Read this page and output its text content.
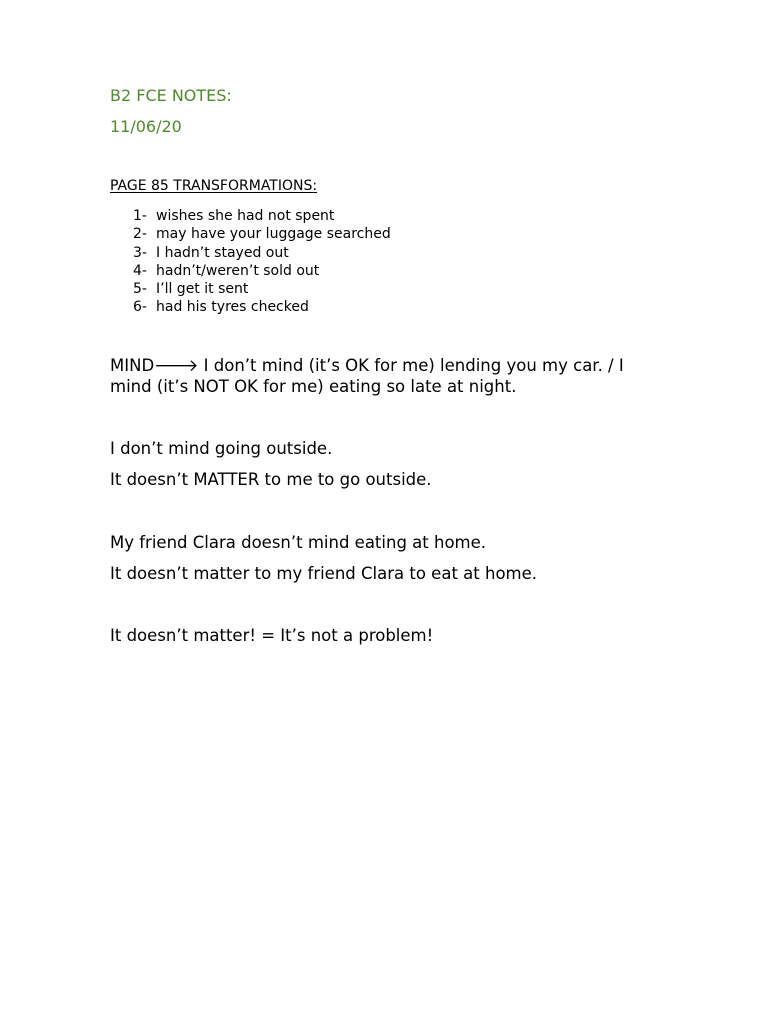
B2 FCE NOTES:

11/06/20

PAGE 85 TRANSFORMATIONS:

1- wishes she had not spent
2- may have your luggage searched
3- I hadn’t stayed out
4- hadn’t/weren’t sold out
5- I’ll get it sent
6- had his tyres checked
MIND🡒 I don’t mind (it’s OK for me) lending you my car. / I
mind (it’s NOT OK for me) eating so late at night.

I don’t mind going outside.

It doesn’t MATTER to me to go outside.

My friend Clara doesn’t mind eating at home.

It doesn’t matter to my friend Clara to eat at home.

It doesn’t matter! = It’s not a problem!
